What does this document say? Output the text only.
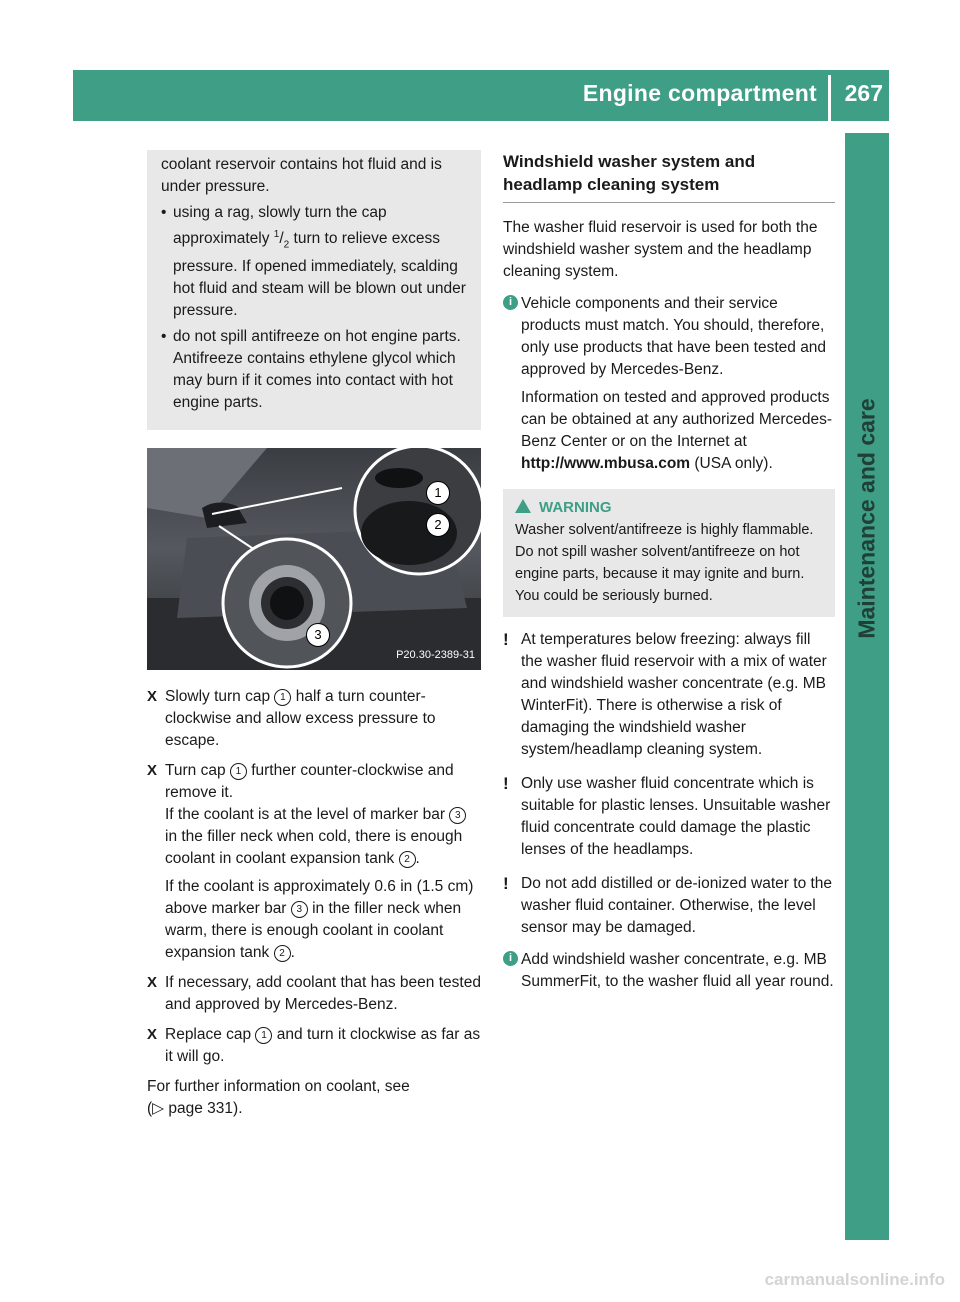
Engine compartment 267
Maintenance and care

coolant reservoir contains hot fluid and is under pressure.

• using a rag, slowly turn the cap approximately $^1/_2$ turn to relieve excess pressure. If opened immediately, scalding hot fluid and steam will be blown out under pressure.

• do not spill antifreeze on hot engine parts. Antifreeze contains ethylene glycol which may burn if it comes into contact with hot engine parts.

1
2
3
P20.30-2389-31
X Slowly turn cap 1 half a turn counter-clockwise and allow excess pressure to escape.
X Turn cap 1 further counter-clockwise and remove it.
If the coolant is at the level of marker bar 3 in the filler neck when cold, there is enough coolant in coolant expansion tank 2 .
If the coolant is approximately 0.6 in (1.5 cm) above marker bar 3 in the filler neck when warm, there is enough coolant in coolant expansion tank 2 .
X If necessary, add coolant that has been tested and approved by Mercedes-Benz.
X Replace cap 1 and turn it clockwise as far as it will go.
For further information on coolant, see
(▷ page 331).
Windshield washer system and headlamp cleaning system
The washer fluid reservoir is used for both the windshield washer system and the headlamp cleaning system.
i Vehicle components and their service products must match. You should, therefore, only use products that have been tested and approved by Mercedes-Benz.
Information on tested and approved products can be obtained at any authorized Mercedes-Benz Center or on the Internet at http://www.mbusa.com (USA only).
WARNING
Washer solvent/antifreeze is highly flammable. Do not spill washer solvent/antifreeze on hot engine parts, because it may ignite and burn. You could be seriously burned.
! At temperatures below freezing: always fill the washer fluid reservoir with a mix of water and windshield washer concentrate (e.g. MB WinterFit). There is otherwise a risk of damaging the windshield washer system/headlamp cleaning system.
! Only use washer fluid concentrate which is suitable for plastic lenses. Unsuitable washer fluid concentrate could damage the plastic lenses of the headlamps.
! Do not add distilled or de-ionized water to the washer fluid container. Otherwise, the level sensor may be damaged.
i Add windshield washer concentrate, e.g. MB SummerFit, to the washer fluid all year round.
carmanualsonline.info
